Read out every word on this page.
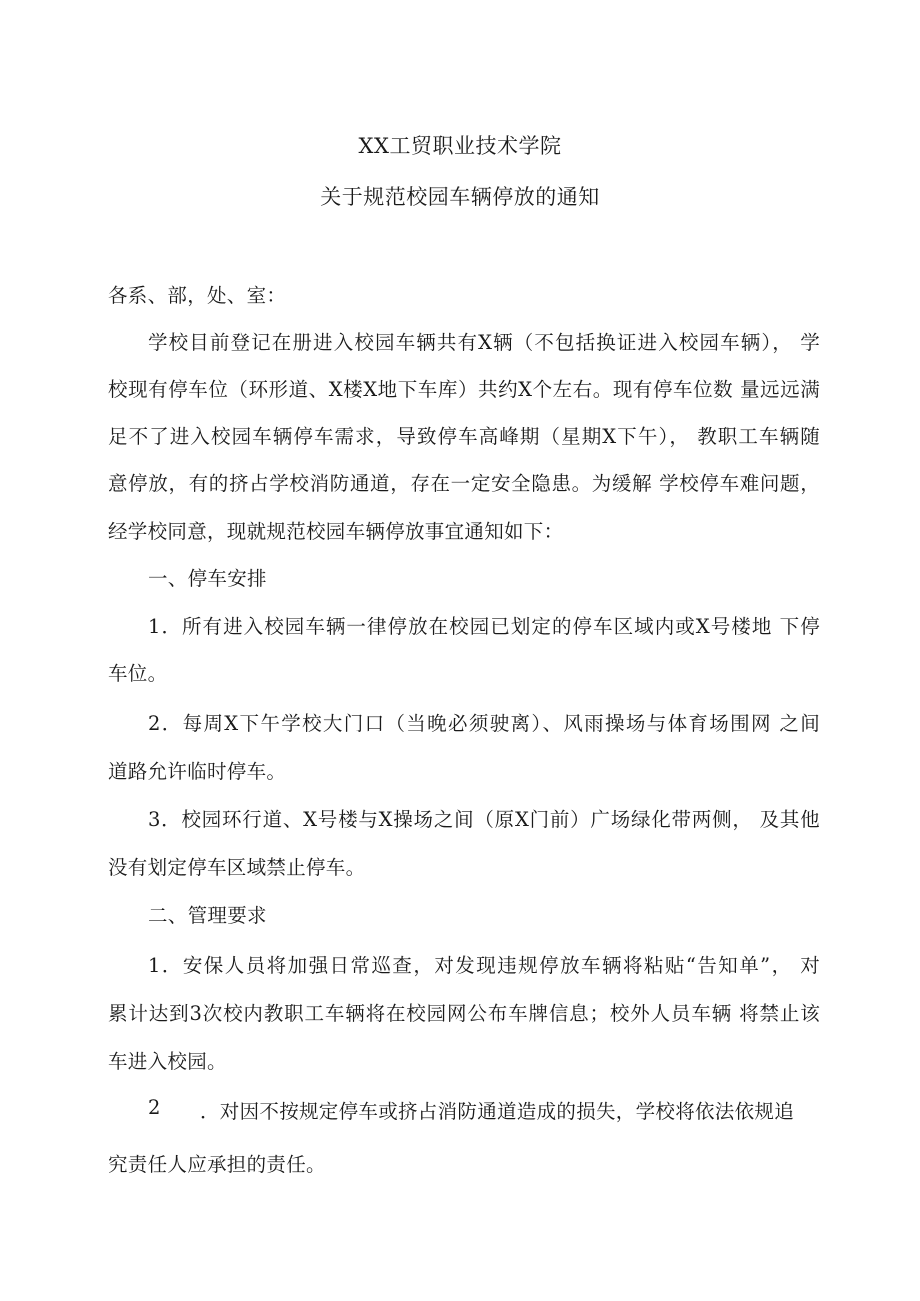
XX工贸职业技术学院
关于规范校园车辆停放的通知
各系、部，处、室：
学校目前登记在册进入校园车辆共有X辆（不包括换证进入校园车辆）， 学
校现有停车位（环形道、X楼X地下车库）共约X个左右。现有停车位数 量远远满
足不了进入校园车辆停车需求，导致停车高峰期（星期X下午）， 教职工车辆随
意停放，有的挤占学校消防通道，存在一定安全隐患。为缓解 学校停车难问题，
经学校同意，现就规范校园车辆停放事宜通知如下：
一、停车安排
1．所有进入校园车辆一律停放在校园已划定的停车区域内或X号楼地 下停
车位。
2．每周X下午学校大门口（当晚必须驶离）、风雨操场与体育场围网 之间
道路允许临时停车。
3．校园环行道、X号楼与X操场之间（原X门前）广场绿化带两侧， 及其他
没有划定停车区域禁止停车。
二、管理要求
1．安保人员将加强日常巡查，对发现违规停放车辆将粘贴“告知单”， 对
累计达到3次校内教职工车辆将在校园网公布车牌信息；校外人员车辆 将禁止该
车进入校园。
2 ．对因不按规定停车或挤占消防通道造成的损失，学校将依法依规追
究责任人应承担的责任。
